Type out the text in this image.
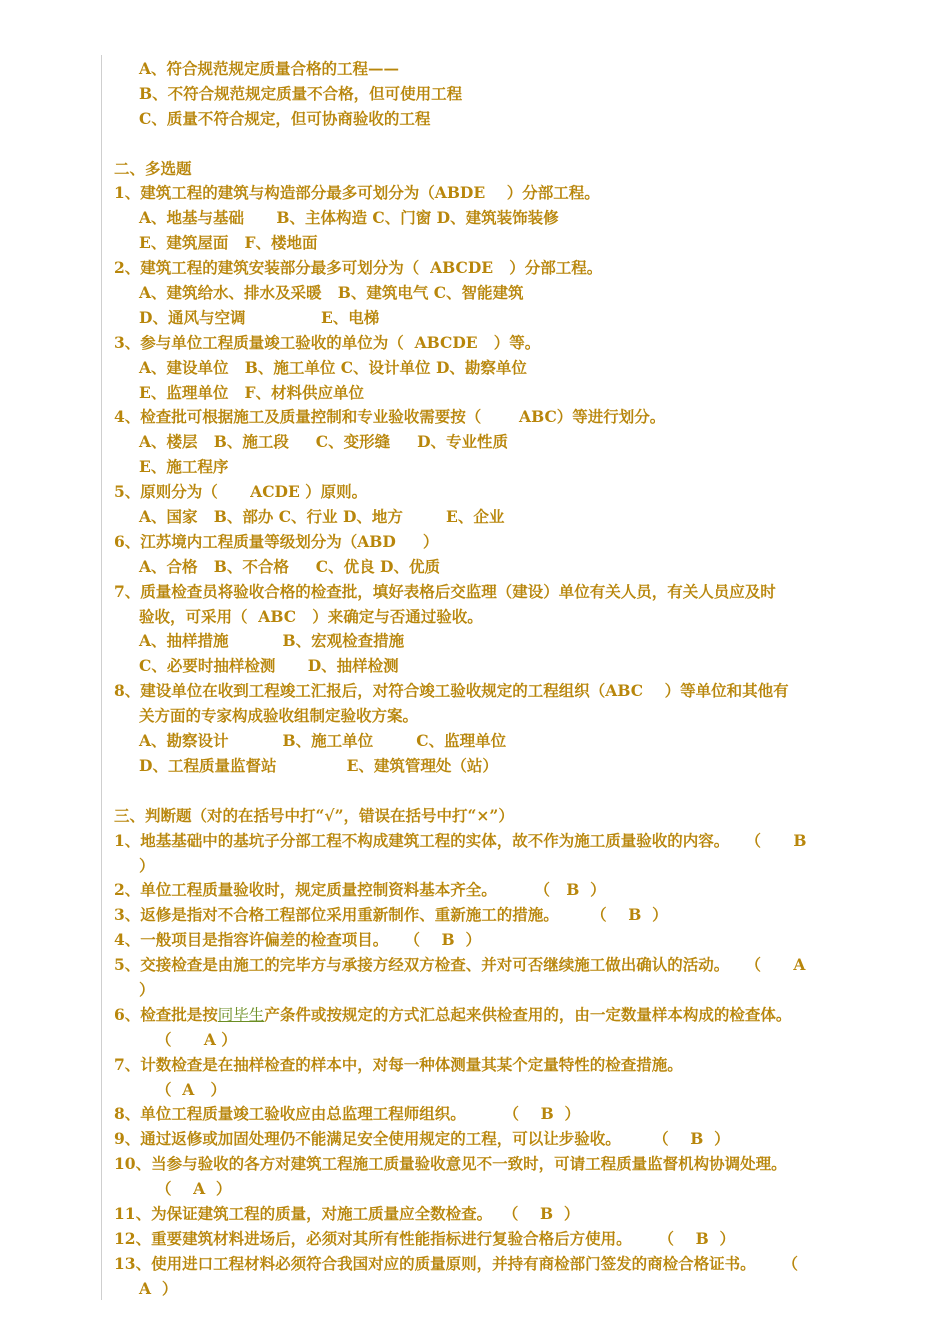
A、符合规范规定质量合格的工程——
B、不符合规范规定质量不合格，但可使用工程
C、质量不符合规定，但可协商验收的工程
二、多选题
1、建筑工程的建筑与构造部分最多可划分为（ABDE    ）分部工程。
A、地基与基础      B、主体构造 C、门窗 D、建筑装饰装修
E、建筑屋面   F、楼地面
2、建筑工程的建筑安装部分最多可划分为（  ABCDE   ）分部工程。
A、建筑给水、排水及采暖   B、建筑电气 C、智能建筑
D、通风与空调              E、电梯
3、参与单位工程质量竣工验收的单位为（  ABCDE   ）等。
A、建设单位   B、施工单位 C、设计单位 D、勘察单位
E、监理单位   F、材料供应单位
4、检查批可根据施工及质量控制和专业验收需要按（       ABC）等进行划分。
A、楼层   B、施工段     C、变形缝     D、专业性质
E、施工程序
5、原则分为（      ACDE ）原则。
A、国家   B、部办 C、行业 D、地方        E、企业
6、江苏境内工程质量等级划分为（ABD     ）
A、合格   B、不合格     C、优良 D、优质
7、质量检查员将验收合格的检查批，填好表格后交监理（建设）单位有关人员，有关人员应及时
验收，可采用（  ABC   ）来确定与否通过验收。
A、抽样措施          B、宏观检查措施
C、必要时抽样检测      D、抽样检测
8、建设单位在收到工程竣工汇报后，对符合竣工验收规定的工程组织（ABC    ）等单位和其他有
关方面的专家构成验收组制定验收方案。
A、勘察设计          B、施工单位        C、监理单位
D、工程质量监督站             E、建筑管理处（站）
三、判断题（对的在括号中打“√”，错误在括号中打“×”）
1、地基基础中的基坑子分部工程不构成建筑工程的实体，故不作为施工质量验收的内容。   （      B
）
2、单位工程质量验收时，规定质量控制资料基本齐全。       （   B  ）
3、返修是指对不合格工程部位采用重新制作、重新施工的措施。      （    B  ）
4、一般项目是指容许偏差的检查项目。   （    B  ）
5、交接检查是由施工的完毕方与承接方经双方检查、并对可否继续施工做出确认的活动。   （      A
）
6、检查批是按同毕生产条件或按规定的方式汇总起来供检查用的，由一定数量样本构成的检查体。
（      A ）
7、计数检查是在抽样检查的样本中，对每一种体测量其某个定量特性的检查措施。
（  A   ）
8、单位工程质量竣工验收应由总监理工程师组织。       （    B  ）
9、通过返修或加固处理仍不能满足安全使用规定的工程，可以让步验收。      （    B  ）
10、当参与验收的各方对建筑工程施工质量验收意见不一致时，可请工程质量监督机构协调处理。
（    A  ）
11、为保证建筑工程的质量，对施工质量应全数检查。  （    B  ）
12、重要建筑材料进场后，必须对其所有性能指标进行复验合格后方使用。     （    B  ）
13、使用进口工程材料必须符合我国对应的质量原则，并持有商检部门签发的商检合格证书。     （
A  ）
